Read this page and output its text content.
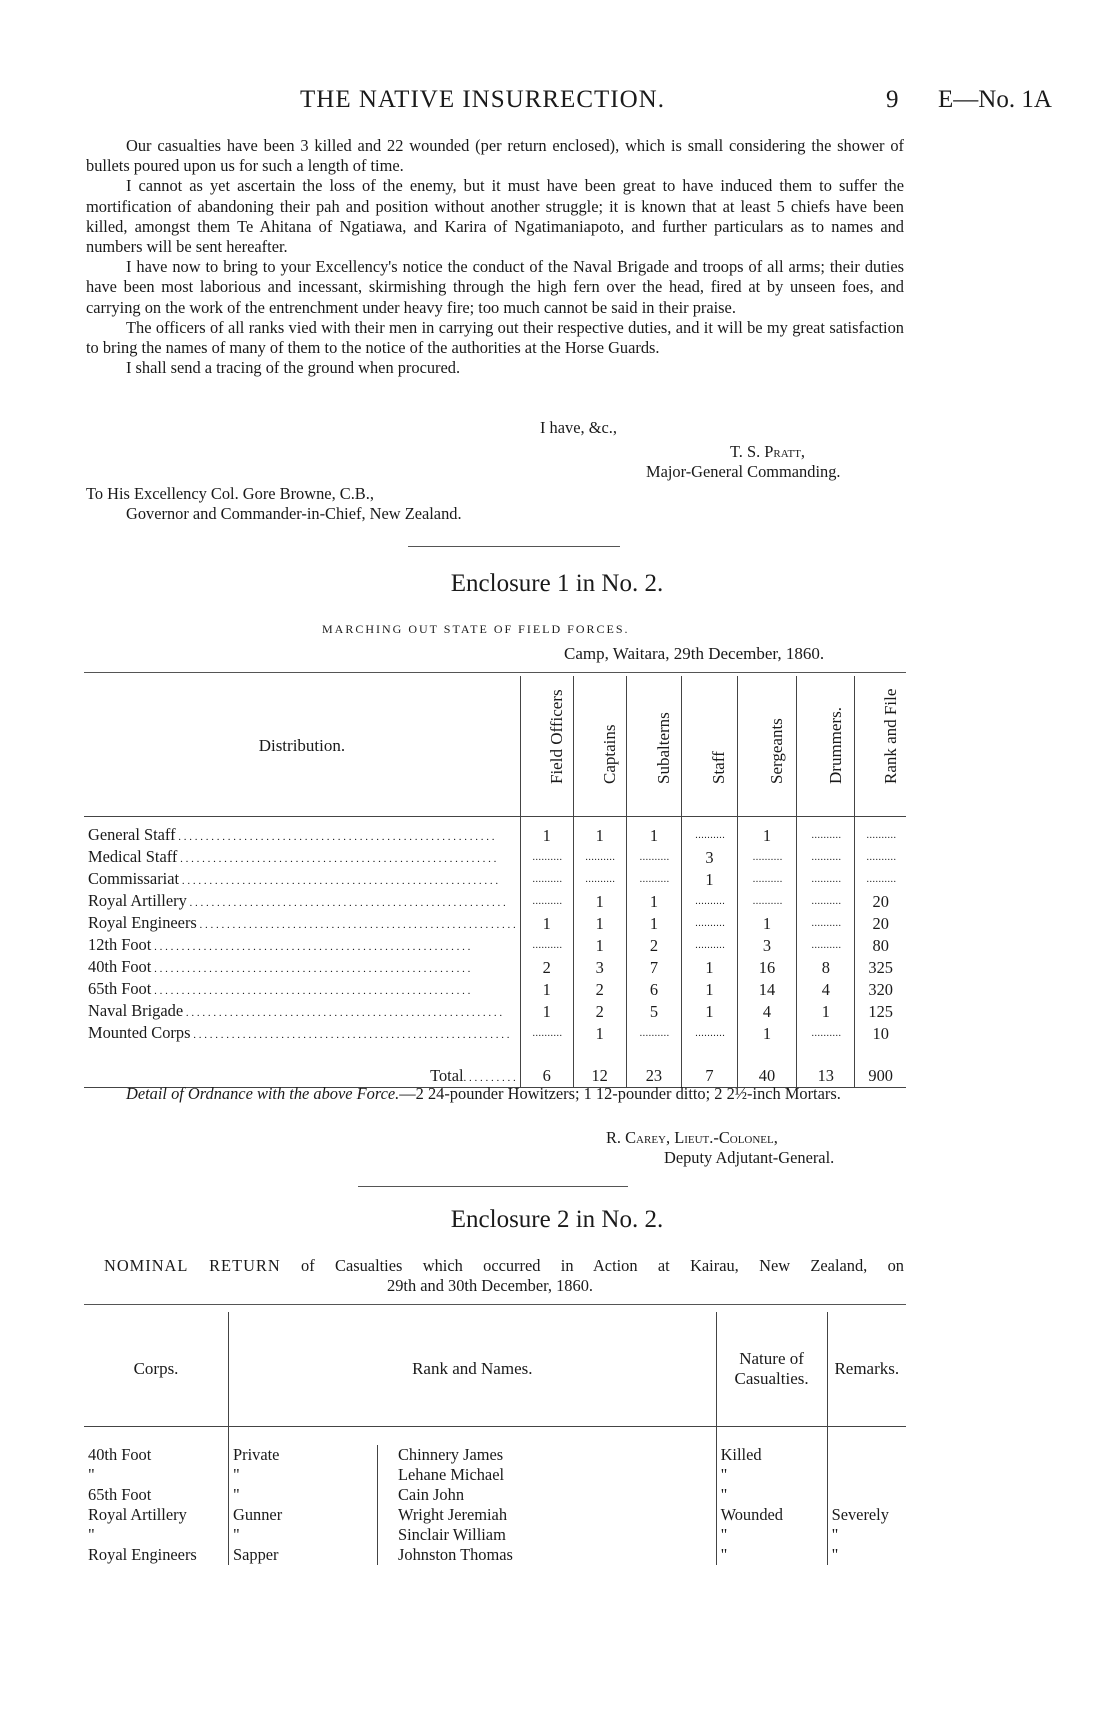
THE NATIVE INSURRECTION.	9 E—No. 1A

Our casualties have been 3 killed and 22 wounded (per return enclosed), which is small considering the shower of bullets poured upon us for such a length of time.

I cannot as yet ascertain the loss of the enemy, but it must have been great to have induced them to suffer the mortification of abandoning their pah and position without another struggle; it is known that at least 5 chiefs have been killed, amongst them Te Ahitana of Ngatiawa, and Karira of Ngatimaniapoto, and further particulars as to names and numbers will be sent hereafter.

I have now to bring to your Excellency's notice the conduct of the Naval Brigade and troops of all arms; their duties have been most laborious and incessant, skirmishing through the high fern over the head, fired at by unseen foes, and carrying on the work of the entrenchment under heavy fire; too much cannot be said in their praise.

The officers of all ranks vied with their men in carrying out their respective duties, and it will be my great satisfaction to bring the names of many of them to the notice of the authorities at the Horse Guards.

I shall send a tracing of the ground when procured.

I have, &c.,
T. S. Pratt,
Major-General Commanding.
To His Excellency Col. Gore Browne, C.B.,
Governor and Commander-in-Chief, New Zealand.
Enclosure 1 in No. 2.
MARCHING OUT STATE OF FIELD FORCES.
Camp, Waitara, 29th December, 1860.
Distribution.	Field Officers	Captains	Subalterns	Staff	Sergeants	Drummers.	Rank and File

General Staff . . . . . . . . . . . . . . . . . . . . . . . . . . . . . . . . . . . . . . . . . . . . . . . . . . . . . . . . . .	1	1	1	. . . . . . . . . .	1	. . . . . . . . . .	. . . . . . . . . .
Medical Staff . . . . . . . . . . . . . . . . . . . . . . . . . . . . . . . . . . . . . . . . . . . . . . . . . . . . . . . . . .	. . . . . . . . . .	. . . . . . . . . .	. . . . . . . . . .	3	. . . . . . . . . .	. . . . . . . . . .	. . . . . . . . . .
Commissariat . . . . . . . . . . . . . . . . . . . . . . . . . . . . . . . . . . . . . . . . . . . . . . . . . . . . . . . . . .	. . . . . . . . . .	. . . . . . . . . .	. . . . . . . . . .	1	. . . . . . . . . .	. . . . . . . . . .	. . . . . . . . . .
Royal Artillery . . . . . . . . . . . . . . . . . . . . . . . . . . . . . . . . . . . . . . . . . . . . . . . . . . . . . . . . . .	. . . . . . . . . .	1	1	. . . . . . . . . .	. . . . . . . . . .	. . . . . . . . . .	20
Royal Engineers . . . . . . . . . . . . . . . . . . . . . . . . . . . . . . . . . . . . . . . . . . . . . . . . . . . . . . . . . .	1	1	1	. . . . . . . . . .	1	. . . . . . . . . .	20
12th Foot . . . . . . . . . . . . . . . . . . . . . . . . . . . . . . . . . . . . . . . . . . . . . . . . . . . . . . . . . .	. . . . . . . . . .	1	2	. . . . . . . . . .	3	. . . . . . . . . .	80
40th Foot . . . . . . . . . . . . . . . . . . . . . . . . . . . . . . . . . . . . . . . . . . . . . . . . . . . . . . . . . .	2	3	7	1	16	8	325
65th Foot . . . . . . . . . . . . . . . . . . . . . . . . . . . . . . . . . . . . . . . . . . . . . . . . . . . . . . . . . .	1	2	6	1	14	4	320
Naval Brigade . . . . . . . . . . . . . . . . . . . . . . . . . . . . . . . . . . . . . . . . . . . . . . . . . . . . . . . . . .	1	2	5	1	4	1	125
Mounted Corps . . . . . . . . . . . . . . . . . . . . . . . . . . . . . . . . . . . . . . . . . . . . . . . . . . . . . . . . . .	. . . . . . . . . .	1	. . . . . . . . . .	. . . . . . . . . .	1	. . . . . . . . . .	10

Total. . . . . . . . . .	6	12	23	7	40	13	900
Detail of Ordnance with the above Force.—2 24-pounder Howitzers; 1 12-pounder ditto; 2 2½-inch Mortars.
R. Carey, Lieut.-Colonel,
Deputy Adjutant-General.
Enclosure 2 in No. 2.
NOMINAL RETURN of Casualties which occurred in Action at Kairau, New Zealand, on
29th and 30th December, 1860.
Corps.	Rank and Names.		Nature of Casualties.	Remarks.

40th Foot	Private	Chinnery James	Killed	
"	"	Lehane Michael	"	
65th Foot	"	Cain John	"	
Royal Artillery	Gunner	Wright Jeremiah	Wounded	Severely
"	"	Sinclair William	"	"
Royal Engineers	Sapper	Johnston Thomas	"	"
